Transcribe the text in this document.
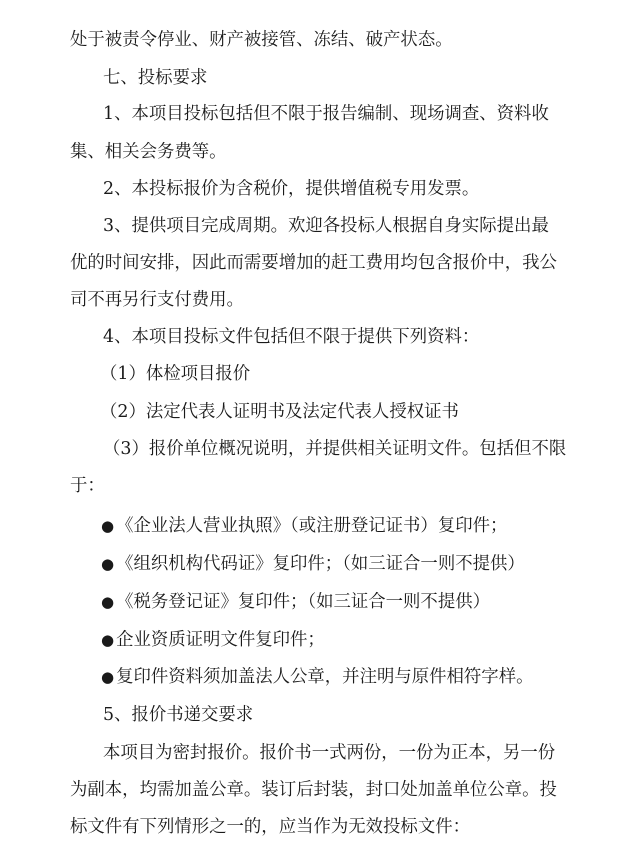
处于被责令停业、财产被接管、冻结、破产状态。
七、投标要求
1、本项目投标包括但不限于报告编制、现场调查、资料收
集、相关会务费等。
2、本投标报价为含税价，提供增值税专用发票。
3、提供项目完成周期。欢迎各投标人根据自身实际提出最
优的时间安排，因此而需要增加的赶工费用均包含报价中，我公
司不再另行支付费用。
4、本项目投标文件包括但不限于提供下列资料：
（1）体检项目报价
（2）法定代表人证明书及法定代表人授权证书
（3）报价单位概况说明，并提供相关证明文件。包括但不限
于：
● 《企业法人营业执照》（或注册登记证书）复印件；
● 《组织机构代码证》复印件；（如三证合一则不提供）
● 《税务登记证》复印件；（如三证合一则不提供）
● 企业资质证明文件复印件；
● 复印件资料须加盖法人公章，并注明与原件相符字样。
5、报价书递交要求
本项目为密封报价。报价书一式两份，一份为正本，另一份
为副本，均需加盖公章。装订后封装，封口处加盖单位公章。投
标文件有下列情形之一的，应当作为无效投标文件：
